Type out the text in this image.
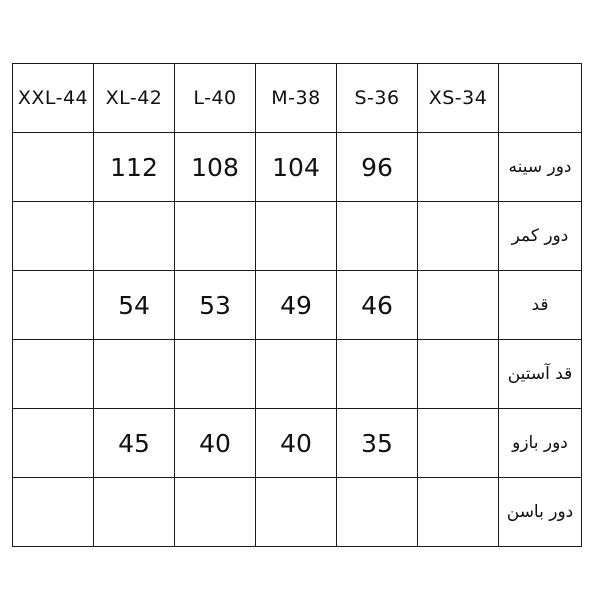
XXL-44	XL-42	L-40	M-38	S-36	XS-34	
	112	108	104	96		دور سینه
						دور کمر
	54	53	49	46		قد
						قد آستین
	45	40	40	35		دور بازو
						دور باسن
